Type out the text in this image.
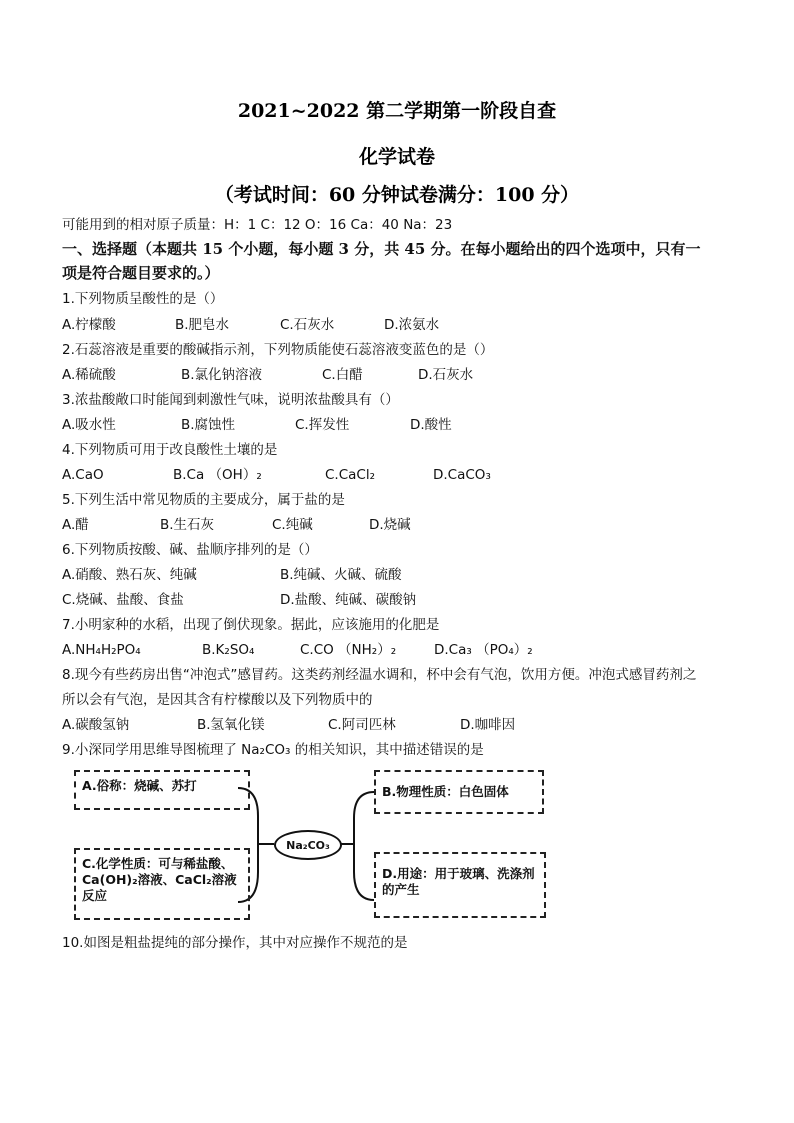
2021~2022 第二学期第一阶段自查
化学试卷
（考试时间：60 分钟试卷满分：100 分）
可能用到的相对原子质量：H：1 C：12 O：16 Ca：40 Na：23
一、选择题（本题共 15 个小题，每小题 3 分，共 45 分。在每小题给出的四个选项中，只有一
项是符合题目要求的。）
1.下列物质呈酸性的是（）
A.柠檬酸	B.肥皂水	C.石灰水	D.浓氨水
2.石蕊溶液是重要的酸碱指示剂，下列物质能使石蕊溶液变蓝色的是（）
A.稀硫酸	B.氯化钠溶液	C.白醋	D.石灰水
3.浓盐酸敞口时能闻到刺激性气味，说明浓盐酸具有（）
A.吸水性	B.腐蚀性	C.挥发性	D.酸性
4.下列物质可用于改良酸性土壤的是
A.CaO	B.Ca （OH）₂	C.CaCl₂	D.CaCO₃
5.下列生活中常见物质的主要成分，属于盐的是
A.醋	B.生石灰	C.纯碱	D.烧碱
6.下列物质按酸、碱、盐顺序排列的是（）
A.硝酸、熟石灰、纯碱	B.纯碱、火碱、硫酸
C.烧碱、盐酸、食盐	D.盐酸、纯碱、碳酸钠
7.小明家种的水稻，出现了倒伏现象。据此，应该施用的化肥是
A.NH₄H₂PO₄	B.K₂SO₄	C.CO （NH₂）₂	D.Ca₃ （PO₄）₂
8.现今有些药房出售“冲泡式”感冒药。这类药剂经温水调和，杯中会有气泡，饮用方便。冲泡式感冒药剂之
所以会有气泡，是因其含有柠檬酸以及下列物质中的
A.碳酸氢钠	B.氢氧化镁	C.阿司匹林	D.咖啡因
9.小深同学用思维导图梳理了 Na₂CO₃ 的相关知识，其中描述错误的是
A.俗称：烧碱、苏打	B.物理性质：白色固体
Na₂CO₃
C.化学性质：可与稀盐酸、
Ca(OH)₂溶液、CaCl₂溶液
反应
D.用途：用于玻璃、洗涤剂
的产生
10.如图是粗盐提纯的部分操作，其中对应操作不规范的是
